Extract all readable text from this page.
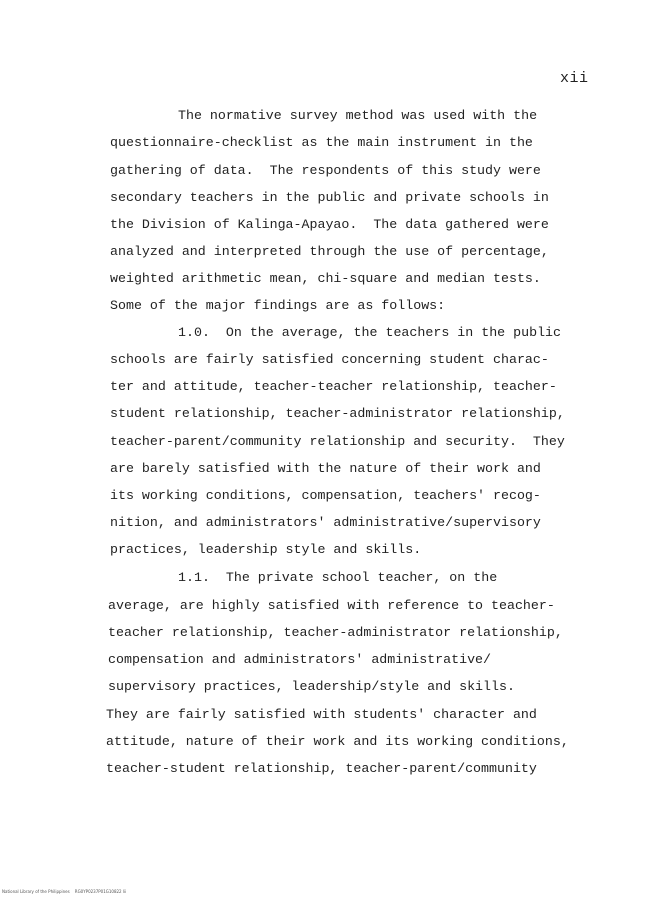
xii
The normative survey method was used with the
questionnaire-checklist as the main instrument in the
gathering of data.  The respondents of this study were
secondary teachers in the public and private schools in
the Division of Kalinga-Apayao.  The data gathered were
analyzed and interpreted through the use of percentage,
weighted arithmetic mean, chi-square and median tests.
Some of the major findings are as follows:
1.0.  On the average, the teachers in the public
schools are fairly satisfied concerning student charac-
ter and attitude, teacher-teacher relationship, teacher-
student relationship, teacher-administrator relationship,
teacher-parent/community relationship and security.  They
are barely satisfied with the nature of their work and
its working conditions, compensation, teachers' recog-
nition, and administrators' administrative/supervisory
practices, leadership style and skills.
1.1.  The private school teacher, on the
average, are highly satisfied with reference to teacher-
teacher relationship, teacher-administrator relationship,
compensation and administrators' administrative/
supervisory practices, leadership/style and skills.
They are fairly satisfied with students' character and
attitude, nature of their work and its working conditions,
teacher-student relationship, teacher-parent/community
National Library of the Philippines    RG0YP0237P01G10822 lii
